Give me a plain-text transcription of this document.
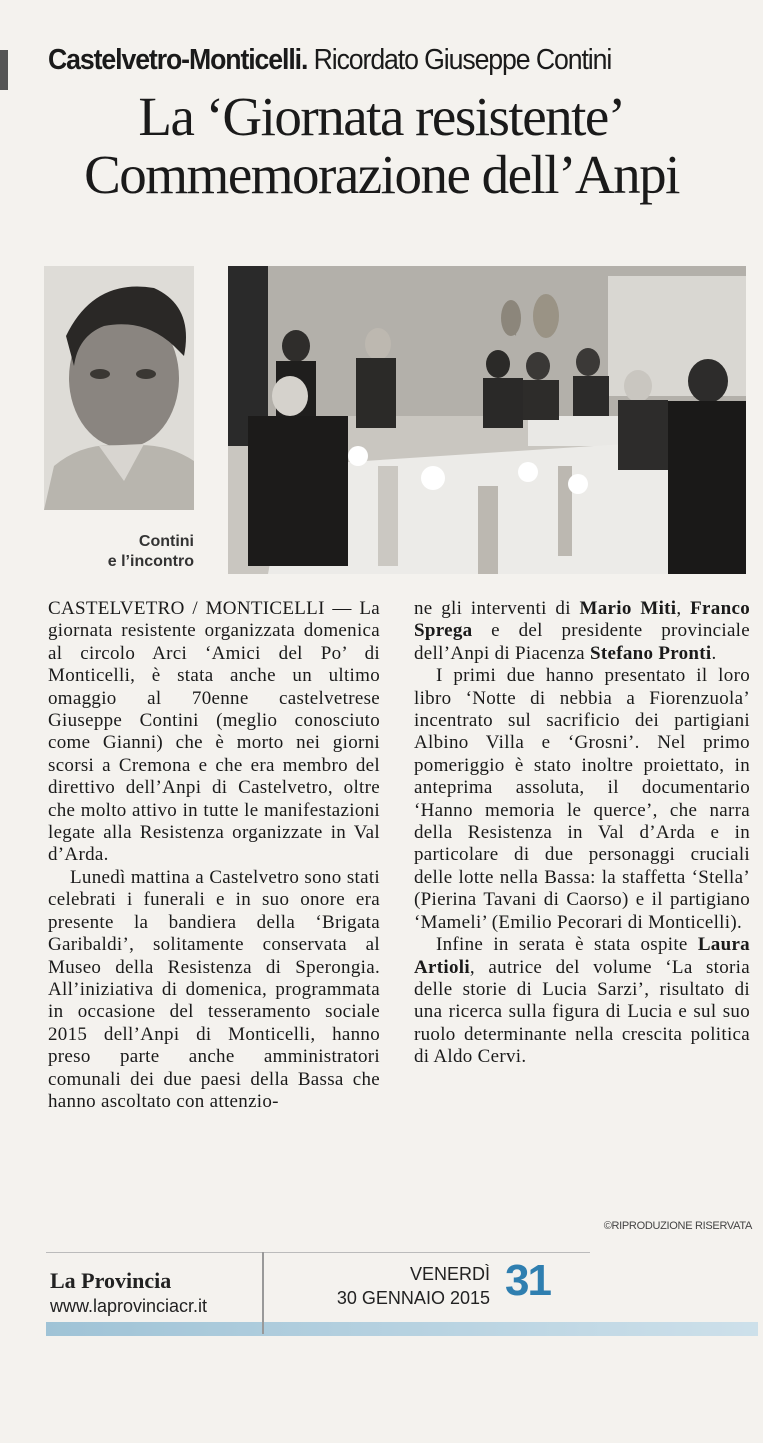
Castelvetro-Monticelli. Ricordato Giuseppe Contini
La ‘Giornata resistente’
Commemorazione dell’Anpi
Contini
e l’incontro

CASTELVETRO / MONTICELLI — La giornata resistente organizzata domenica al circolo Arci ‘Amici del Po’ di Monticelli, è stata anche un ultimo omaggio al 70enne castelvetrese Giuseppe Contini (meglio conosciuto come Gianni) che è morto nei giorni scorsi a Cremona e che era membro del direttivo dell’Anpi di Castelvetro, oltre che molto attivo in tutte le manifestazioni legate alla Resistenza organizzate in Val d’Arda.

Lunedì mattina a Castelvetro sono stati celebrati i funerali e in suo onore era presente la bandiera della ‘Brigata Garibaldi’, solitamente conservata al Museo della Resistenza di Sperongia. All’iniziativa di domenica, programmata in occasione del tesseramento sociale 2015 dell’Anpi di Monticelli, hanno preso parte anche amministratori comunali dei due paesi della Bassa che hanno ascoltato con attenzio-

ne gli interventi di Mario Miti, Franco Sprega e del presidente provinciale dell’Anpi di Piacenza Stefano Pronti.

I primi due hanno presentato il loro libro ‘Notte di nebbia a Fiorenzuola’ incentrato sul sacrificio dei partigiani Albino Villa e ‘Grosni’. Nel primo pomeriggio è stato inoltre proiettato, in anteprima assoluta, il documentario ‘Hanno memoria le querce’, che narra della Resistenza in Val d’Arda e in particolare di due personaggi cruciali delle lotte nella Bassa: la staffetta ‘Stella’ (Pierina Tavani di Caorso) e il partigiano ‘Mameli’ (Emilio Pecorari di Monticelli).

Infine in serata è stata ospite Laura Artioli, autrice del volume ‘La storia delle storie di Lucia Sarzi’, risultato di una ricerca sulla figura di Lucia e sul suo ruolo determinante nella crescita politica di Aldo Cervi.

©RIPRODUZIONE RISERVATA
La Provincia
www.laprovinciacr.it
VENERDÌ
30 GENNAIO 2015 31
